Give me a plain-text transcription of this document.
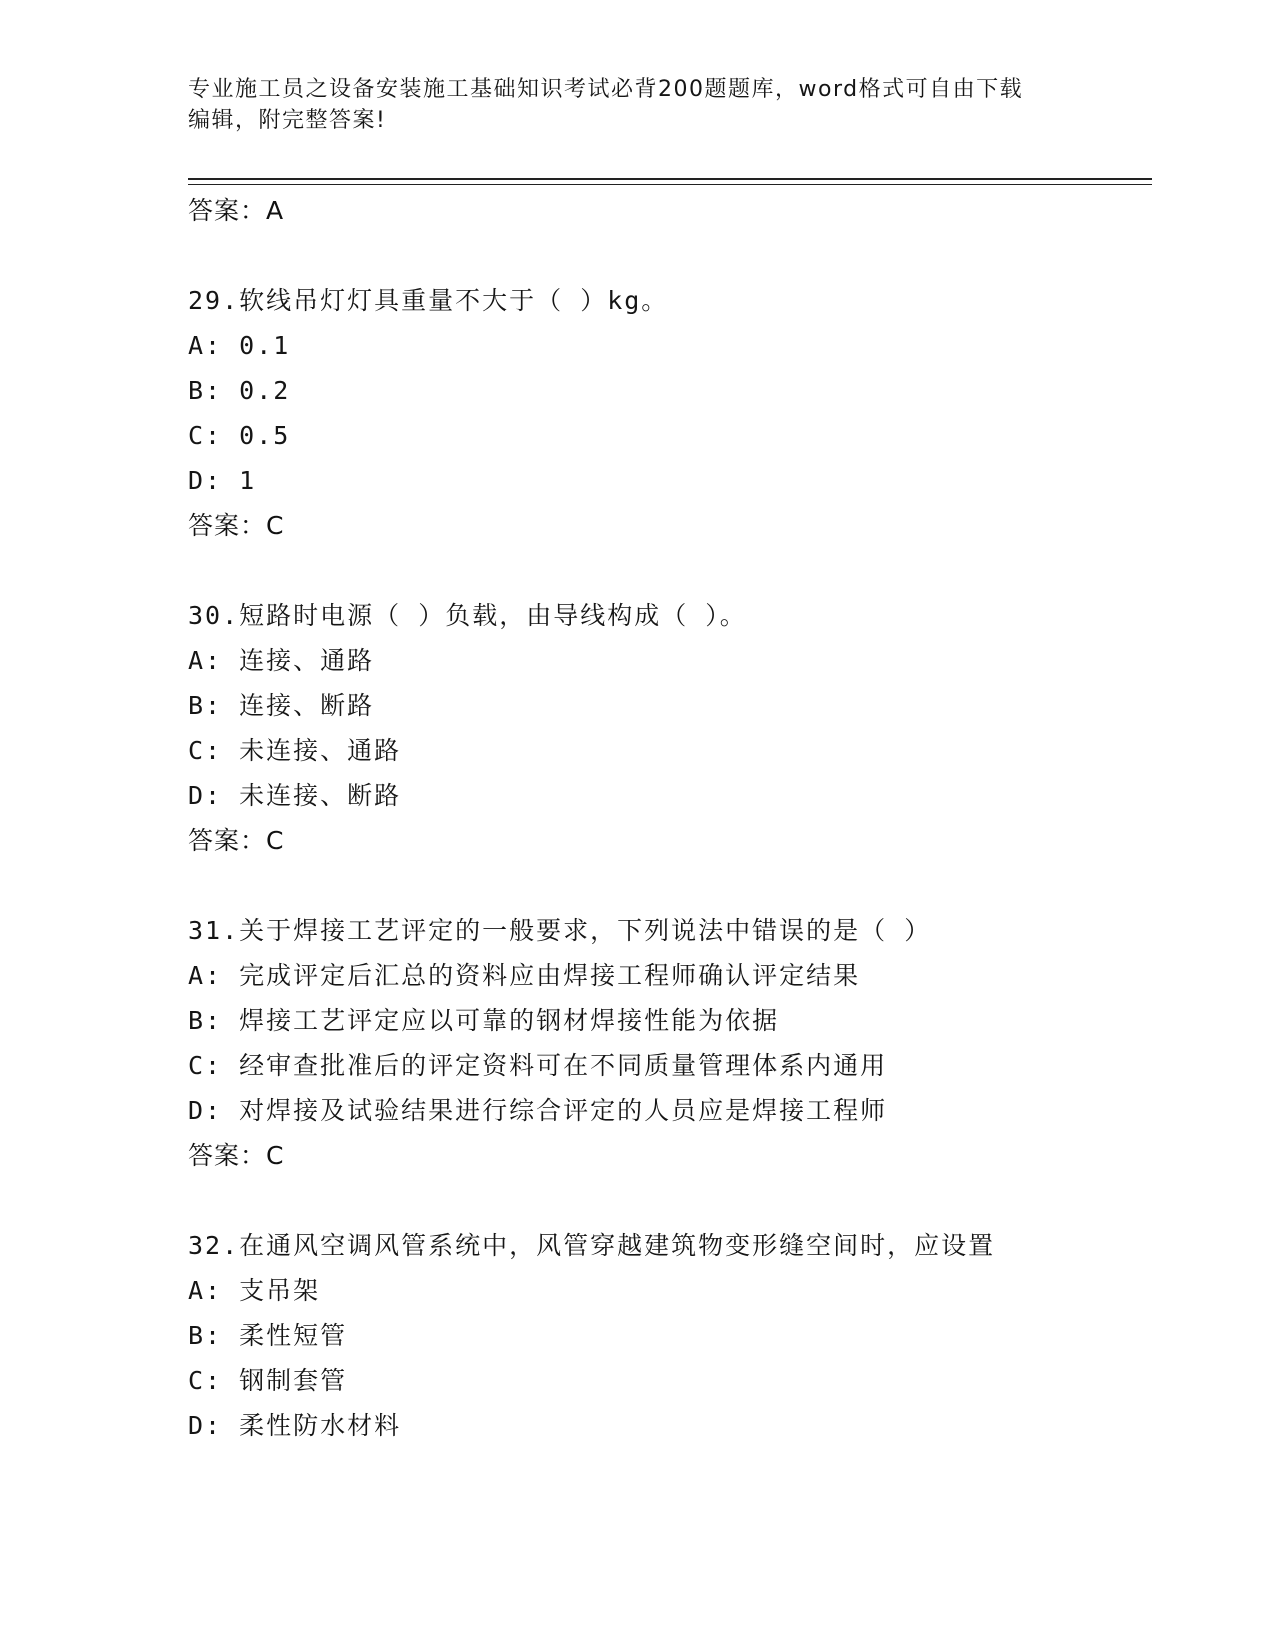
专业施工员之设备安装施工基础知识考试必背200题题库，word格式可自由下载
编辑，附完整答案!
答案：A
29.软线吊灯灯具重量不大于（ ）kg。
A: 0.1
B: 0.2
C: 0.5
D: 1
答案：C
30.短路时电源（ ）负载，由导线构成（ ）。
A: 连接、通路
B: 连接、断路
C: 未连接、通路
D: 未连接、断路
答案：C
31.关于焊接工艺评定的一般要求，下列说法中错误的是（ ）
A: 完成评定后汇总的资料应由焊接工程师确认评定结果
B: 焊接工艺评定应以可靠的钢材焊接性能为依据
C: 经审查批准后的评定资料可在不同质量管理体系内通用
D: 对焊接及试验结果进行综合评定的人员应是焊接工程师
答案：C
32.在通风空调风管系统中，风管穿越建筑物变形缝空间时，应设置
A: 支吊架
B: 柔性短管
C: 钢制套管
D: 柔性防水材料
